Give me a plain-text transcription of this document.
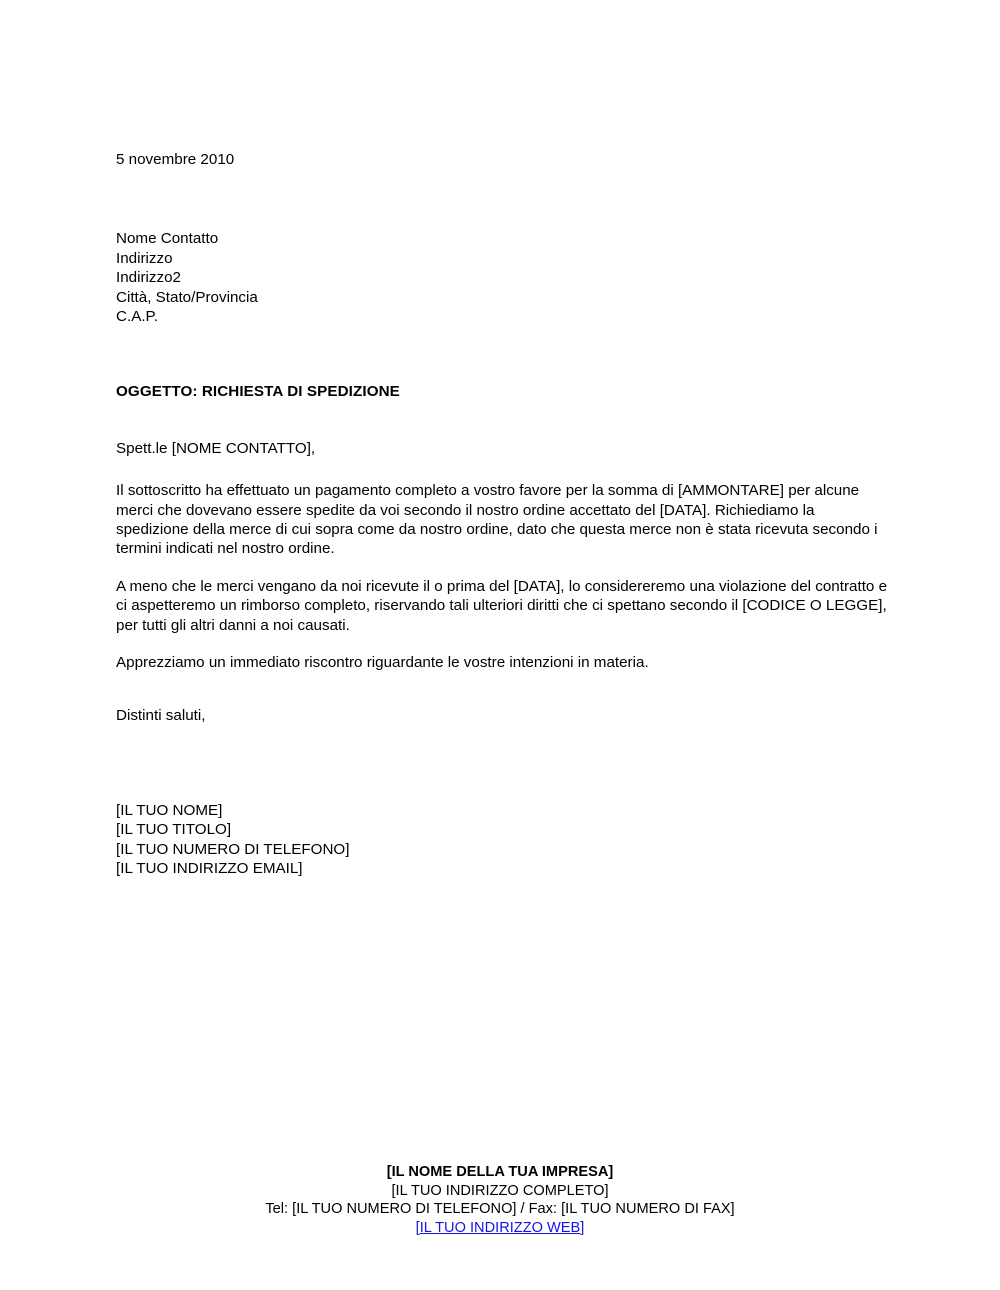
5 novembre 2010
Nome Contatto
Indirizzo
Indirizzo2
Città, Stato/Provincia
C.A.P.
OGGETTO: RICHIESTA DI SPEDIZIONE
Spett.le [NOME CONTATTO],

Il sottoscritto ha effettuato un pagamento completo a vostro favore per la somma di [AMMONTARE] per alcune merci che dovevano essere spedite da voi secondo il nostro ordine accettato del [DATA]. Richiediamo la spedizione della merce di cui sopra come da nostro ordine, dato che questa merce non è stata ricevuta secondo i termini indicati nel nostro ordine.

A meno che le merci vengano da noi ricevute il o prima del [DATA], lo considereremo una violazione del contratto e ci aspetteremo un rimborso completo, riservando tali ulteriori diritti che ci spettano secondo il [CODICE O LEGGE], per tutti gli altri danni a noi causati.

Apprezziamo un immediato riscontro riguardante le vostre intenzioni in materia.

Distinti saluti,
[IL TUO NOME]
[IL TUO TITOLO]
[IL TUO NUMERO DI TELEFONO]
[IL TUO INDIRIZZO EMAIL]
[IL NOME DELLA TUA IMPRESA]
[IL TUO INDIRIZZO COMPLETO]
Tel: [IL TUO NUMERO DI TELEFONO] / Fax: [IL TUO NUMERO DI FAX]
[IL TUO INDIRIZZO WEB]
